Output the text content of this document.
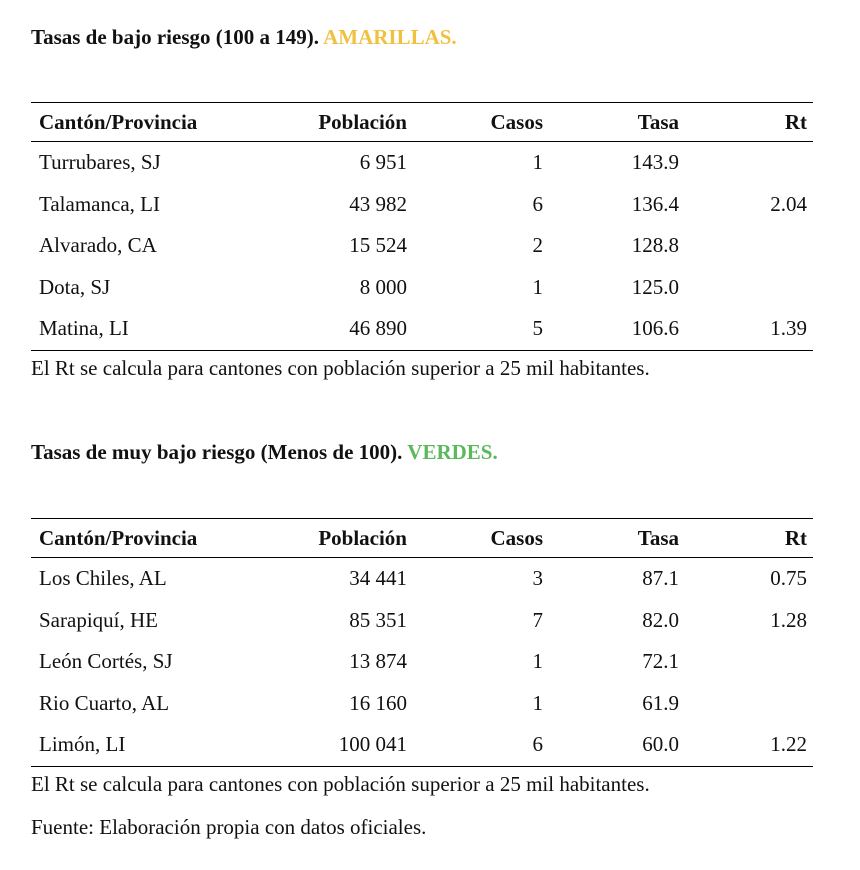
Tasas de bajo riesgo (100 a 149). AMARILLAS.
Cantón/Provincia	Población	Casos	Tasa	Rt
Turrubares, SJ	6 951	1	143.9	
Talamanca, LI	43 982	6	136.4	2.04
Alvarado, CA	15 524	2	128.8	
Dota, SJ	8 000	1	125.0	
Matina, LI	46 890	5	106.6	1.39

El Rt se calcula para cantones con población superior a 25 mil habitantes.

Tasas de muy bajo riesgo (Menos de 100). VERDES.
Cantón/Provincia	Población	Casos	Tasa	Rt
Los Chiles, AL	34 441	3	87.1	0.75
Sarapiquí, HE	85 351	7	82.0	1.28
León Cortés, SJ	13 874	1	72.1	
Rio Cuarto, AL	16 160	1	61.9	
Limón, LI	100 041	6	60.0	1.22

El Rt se calcula para cantones con población superior a 25 mil habitantes.

Fuente: Elaboración propia con datos oficiales.
